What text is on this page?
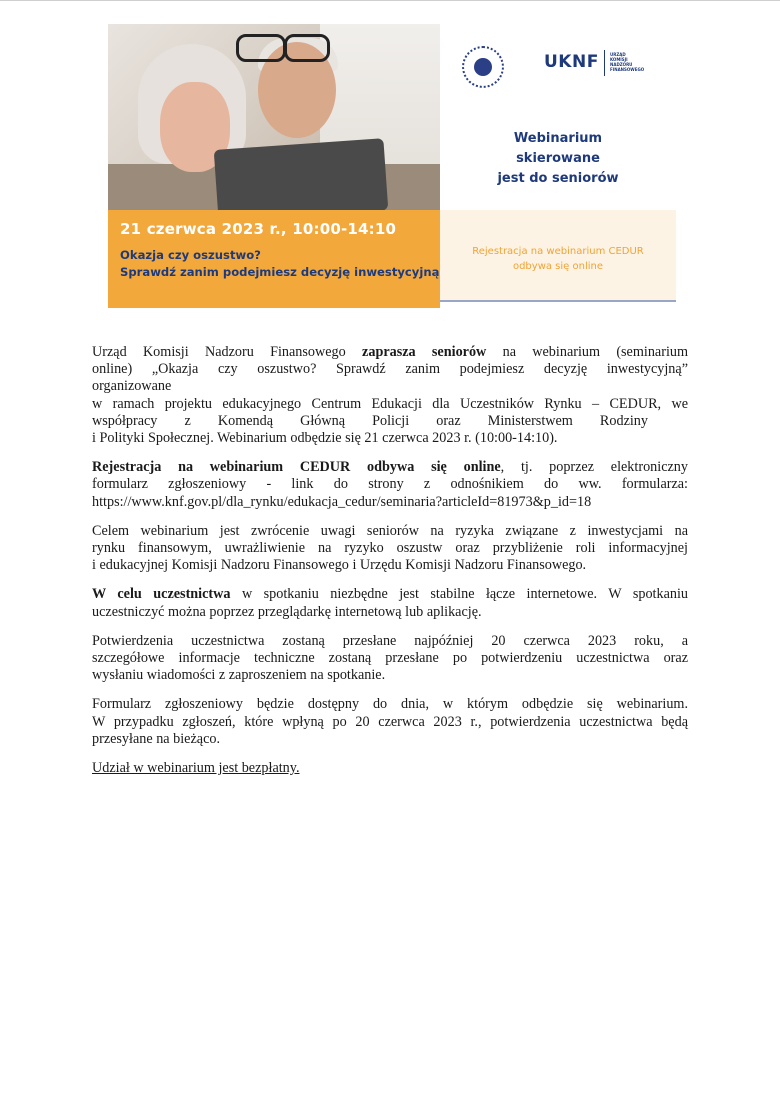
21 czerwca 2023 r., 10:00-14:10
Okazja czy oszustwo?
Sprawdź zanim podejmiesz decyzję inwestycyjną
UKNF	URZĄD
KOMISJI
NADZORU
FINANSOWEGO
Webinarium
skierowane
jest do seniorów
Rejestracja na webinarium CEDUR
odbywa się online

Urząd Komisji Nadzoru Finansowego zaprasza seniorów na webinarium (seminarium
online) „Okazja czy oszustwo? Sprawdź zanim podejmiesz decyzję inwestycyjną”
organizowane
w ramach projektu edukacyjnego Centrum Edukacji dla Uczestników Rynku – CEDUR, we
współpracy z Komendą Główną Policji oraz Ministerstwem Rodziny
i Polityki Społecznej. Webinarium odbędzie się 21 czerwca 2023 r. (10:00-14:10).

Rejestracja na webinarium CEDUR odbywa się online, tj. poprzez elektroniczny
formularz zgłoszeniowy - link do strony z odnośnikiem do ww. formularza:
https://www.knf.gov.pl/dla_rynku/edukacja_cedur/seminaria?articleId=81973&p_id=18

Celem webinarium jest zwrócenie uwagi seniorów na ryzyka związane z inwestycjami na
rynku finansowym, uwrażliwienie na ryzyko oszustw oraz przybliżenie roli informacyjnej
i edukacyjnej Komisji Nadzoru Finansowego i Urzędu Komisji Nadzoru Finansowego.

W celu uczestnictwa w spotkaniu niezbędne jest stabilne łącze internetowe. W spotkaniu
uczestniczyć można poprzez przeglądarkę internetową lub aplikację.

Potwierdzenia uczestnictwa zostaną przesłane najpóźniej 20 czerwca 2023 roku, a
szczegółowe informacje techniczne zostaną przesłane po potwierdzeniu uczestnictwa oraz
wysłaniu wiadomości z zaproszeniem na spotkanie.

Formularz zgłoszeniowy będzie dostępny do dnia, w którym odbędzie się webinarium.
W przypadku zgłoszeń, które wpłyną po 20 czerwca 2023 r., potwierdzenia uczestnictwa będą
przesyłane na bieżąco.

Udział w webinarium jest bezpłatny.
